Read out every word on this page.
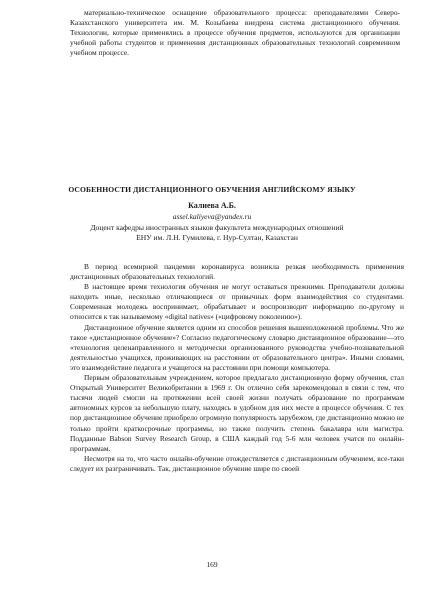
материально-техническое оснащение образовательного процесса: преподавателями Северо-Казахстанского университета им. М. Козыбаева внедрена система дистанционного обучения. Технологии, которые применялись в процессе обучения предметов, используются для организации учебной работы студентов и применения дистанционных образовательных технологий современном учебном процессе.

ОСОБЕННОСТИ ДИСТАНЦИОННОГО ОБУЧЕНИЯ АНГЛИЙСКОМУ ЯЗЫКУ

Калиева А.Б.

assel.kaliyeva@yandex.ru

Доцент кафедры иностранных языков факультета международных отношений

ЕНУ им. Л.Н. Гумилева, г. Нур-Султан, Казахстан

В период всемирной пандемии коронавируса возникла резкая необходимость применения дистанционных образовательных технологий.

В настоящее время технология обучения не могут оставаться прежними. Преподаватели должны находить иные, несколько отличающиеся от привычных форм взаимодействия со студентами. Современная молодежь воспринимает, обрабатывает и воспроизводит информацию по-другому и относится к так называемому «digital natives» («цифровому поколению»).

Дистанционное обучение является одним из способов решения вышеизложенной проблемы. Что же такое «дистанционное обучение»? Согласно педагогическому словарю дистанционное образование—это «технология целенаправленного и методически организованного руководства учебно-познавательной деятельностью учащихся, проживающих на расстоянии от образовательного центра». Иными словами, это взаимодействие педагога и учащегося на расстоянии при помощи компьютера.

Первым образовательным учреждением, которое предлагало дистанционную форму обучения, стал Открытый Университет Великобритании в 1969 г. Он отлично себя зарекомендовал в связи с тем, что тысячи людей смогли на протяжении всей своей жизни получать образование по программам автономных курсов за небольшую плату, находясь в удобном для них месте в процессе обучения. С тех пор дистанционное обучение приобрело огромную популярность зарубежом, где дистанционно можно не только пройти краткосрочные программы, но также получить степень бакалавра или магистра. Подданные Babson Survey Research Group, в США каждый год 5-6 млн человек учатся по онлайн-программам.

Несмотря на то, что часто онлайн-обучение отождествляется с дистанционным обучением, все-таки следует их разграничивать. Так, дистанционное обучение шире по своей

169
